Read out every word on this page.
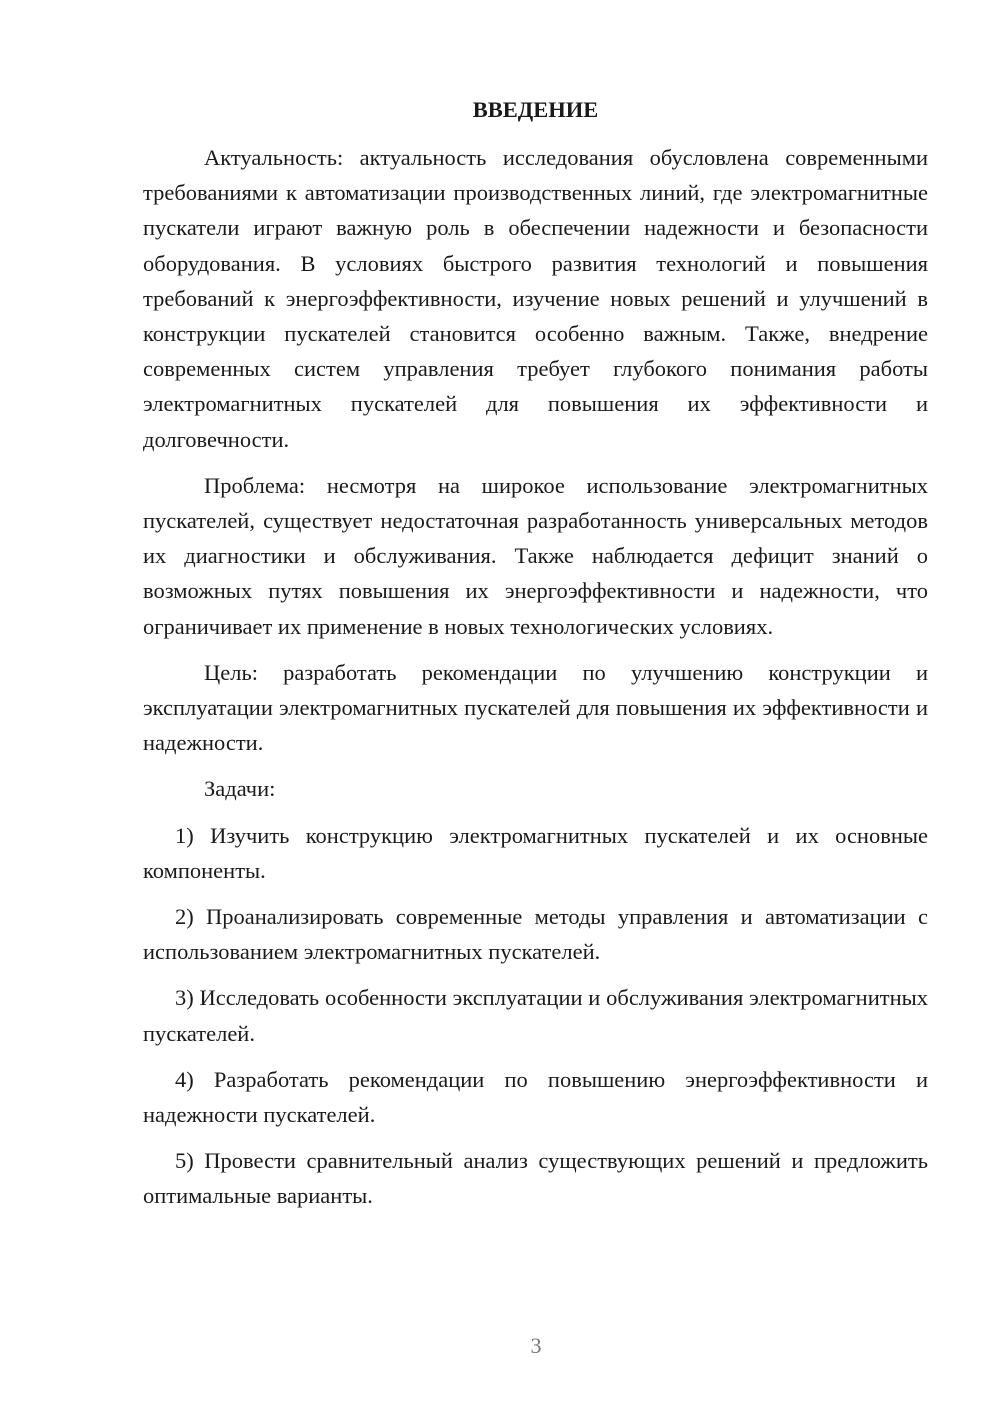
ВВЕДЕНИЕ

Актуальность: актуальность исследования обусловлена современными требованиями к автоматизации производственных линий, где электромагнитные пускатели играют важную роль в обеспечении надежности и безопасности оборудования. В условиях быстрого развития технологий и повышения требований к энергоэффективности, изучение новых решений и улучшений в конструкции пускателей становится особенно важным. Также, внедрение современных систем управления требует глубокого понимания работы электромагнитных пускателей для повышения их эффективности и долговечности.

Проблема: несмотря на широкое использование электромагнитных пускателей, существует недостаточная разработанность универсальных методов их диагностики и обслуживания. Также наблюдается дефицит знаний о возможных путях повышения их энергоэффективности и надежности, что ограничивает их применение в новых технологических условиях.

Цель: разработать рекомендации по улучшению конструкции и эксплуатации электромагнитных пускателей для повышения их эффективности и надежности.

Задачи:

1) Изучить конструкцию электромагнитных пускателей и их основные компоненты.

2) Проанализировать современные методы управления и автоматизации с использованием электромагнитных пускателей.

3) Исследовать особенности эксплуатации и обслуживания электромагнитных пускателей.

4) Разработать рекомендации по повышению энергоэффективности и надежности пускателей.

5) Провести сравнительный анализ существующих решений и предложить оптимальные варианты.

3
